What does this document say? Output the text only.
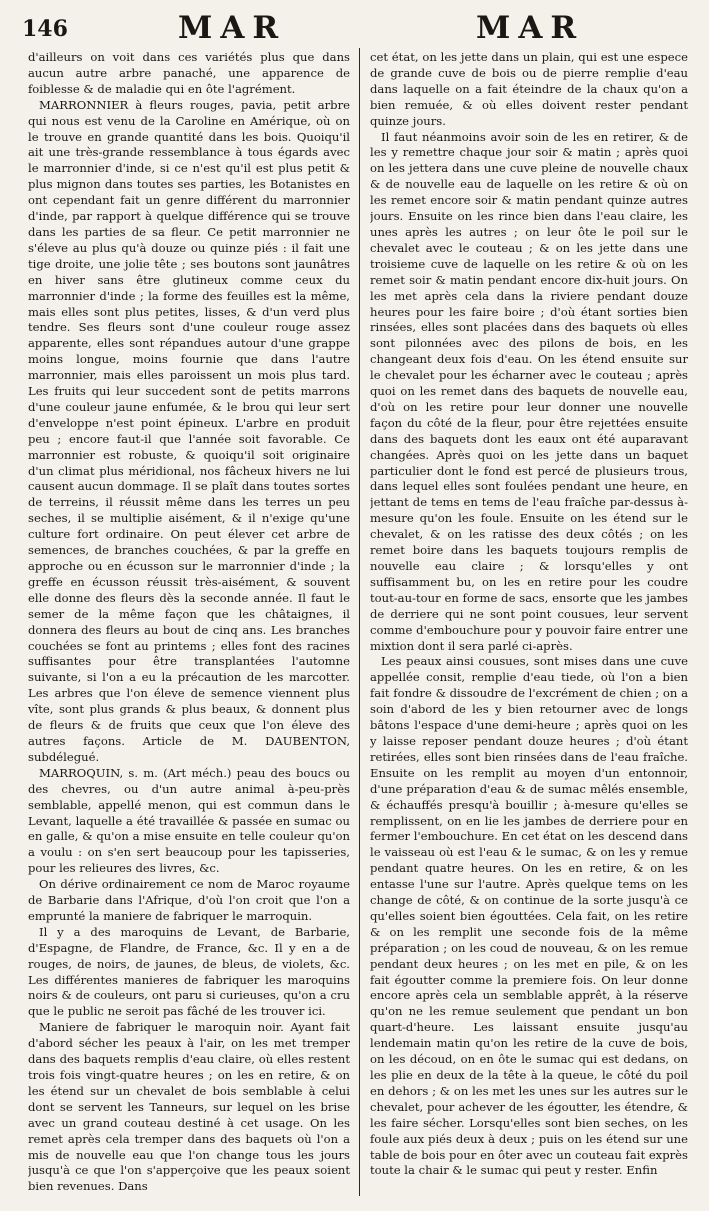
146	MAR	MAR

d'ailleurs on voit dans ces variétés plus que dans aucun autre arbre panaché, une apparence de foiblesse & de maladie qui en ôte l'agrément.

MARRONNIER à fleurs rouges, pavia, petit arbre qui nous est venu de la Caroline en Amérique, où on le trouve en grande quantité dans les bois. Quoiqu'il ait une très-grande ressemblance à tous égards avec le marronnier d'inde, si ce n'est qu'il est plus petit & plus mignon dans toutes ses parties, les Botanistes en ont cependant fait un genre différent du marronnier d'inde, par rapport à quelque différence qui se trouve dans les parties de sa fleur. Ce petit marronnier ne s'éleve au plus qu'à douze ou quinze piés : il fait une tige droite, une jolie tête ; ses boutons sont jaunâtres en hiver sans être glutineux comme ceux du marronnier d'inde ; la forme des feuilles est la même, mais elles sont plus petites, lisses, & d'un verd plus tendre. Ses fleurs sont d'une couleur rouge assez apparente, elles sont répandues autour d'une grappe moins longue, moins fournie que dans l'autre marronnier, mais elles paroissent un mois plus tard. Les fruits qui leur succedent sont de petits marrons d'une couleur jaune enfumée, & le brou qui leur sert d'enveloppe n'est point épineux. L'arbre en produit peu ; encore faut-il que l'année soit favorable. Ce marronnier est robuste, & quoiqu'il soit originaire d'un climat plus méridional, nos fâcheux hivers ne lui causent aucun dommage. Il se plaît dans toutes sortes de terreins, il réussit même dans les terres un peu seches, il se multiplie aisément, & il n'exige qu'une culture fort ordinaire. On peut élever cet arbre de semences, de branches couchées, & par la greffe en approche ou en écusson sur le marronnier d'inde ; la greffe en écusson réussit très-aisément, & souvent elle donne des fleurs dès la seconde année. Il faut le semer de la même façon que les châtaignes, il donnera des fleurs au bout de cinq ans. Les branches couchées se font au printems ; elles font des racines suffisantes pour être transplantées l'automne suivante, si l'on a eu la précaution de les marcotter. Les arbres que l'on éleve de semence viennent plus vîte, sont plus grands & plus beaux, & donnent plus de fleurs & de fruits que ceux que l'on éleve des autres façons. Article de M. DAUBENTON, subdélegué.

MARROQUIN, s. m. (Art méch.) peau des boucs ou des chevres, ou d'un autre animal à-peu-près semblable, appellé menon, qui est commun dans le Levant, laquelle a été travaillée & passée en sumac ou en galle, & qu'on a mise ensuite en telle couleur qu'on a voulu : on s'en sert beaucoup pour les tapisseries, pour les relieures des livres, &c.

On dérive ordinairement ce nom de Maroc royaume de Barbarie dans l'Afrique, d'où l'on croit que l'on a emprunté la maniere de fabriquer le marroquin.

Il y a des maroquins de Levant, de Barbarie, d'Espagne, de Flandre, de France, &c. Il y en a de rouges, de noirs, de jaunes, de bleus, de violets, &c. Les différentes manieres de fabriquer les maroquins noirs & de couleurs, ont paru si curieuses, qu'on a cru que le public ne seroit pas fâché de les trouver ici.

Maniere de fabriquer le maroquin noir. Ayant fait d'abord sécher les peaux à l'air, on les met tremper dans des baquets remplis d'eau claire, où elles restent trois fois vingt-quatre heures ; on les en retire, & on les étend sur un chevalet de bois semblable à celui dont se servent les Tanneurs, sur lequel on les brise avec un grand couteau destiné à cet usage. On les remet après cela tremper dans des baquets où l'on a mis de nouvelle eau que l'on change tous les jours jusqu'à ce que l'on s'apperçoive que les peaux soient bien revenues. Dans

cet état, on les jette dans un plain, qui est une espece de grande cuve de bois ou de pierre remplie d'eau dans laquelle on a fait éteindre de la chaux qu'on a bien remuée, & où elles doivent rester pendant quinze jours.

Il faut néanmoins avoir soin de les en retirer, & de les y remettre chaque jour soir & matin ; après quoi on les jettera dans une cuve pleine de nouvelle chaux & de nouvelle eau de laquelle on les retire & où on les remet encore soir & matin pendant quinze autres jours. Ensuite on les rince bien dans l'eau claire, les unes après les autres ; on leur ôte le poil sur le chevalet avec le couteau ; & on les jette dans une troisieme cuve de laquelle on les retire & où on les remet soir & matin pendant encore dix-huit jours. On les met après cela dans la riviere pendant douze heures pour les faire boire ; d'où étant sorties bien rinsées, elles sont placées dans des baquets où elles sont pilonnées avec des pilons de bois, en les changeant deux fois d'eau. On les étend ensuite sur le chevalet pour les écharner avec le couteau ; après quoi on les remet dans des baquets de nouvelle eau, d'où on les retire pour leur donner une nouvelle façon du côté de la fleur, pour être rejettées ensuite dans des baquets dont les eaux ont été auparavant changées. Après quoi on les jette dans un baquet particulier dont le fond est percé de plusieurs trous, dans lequel elles sont foulées pendant une heure, en jettant de tems en tems de l'eau fraîche par-dessus à-mesure qu'on les foule. Ensuite on les étend sur le chevalet, & on les ratisse des deux côtés ; on les remet boire dans les baquets toujours remplis de nouvelle eau claire ; & lorsqu'elles y ont suffisamment bu, on les en retire pour les coudre tout-au-tour en forme de sacs, ensorte que les jambes de derriere qui ne sont point cousues, leur servent comme d'embouchure pour y pouvoir faire entrer une mixtion dont il sera parlé ci-après.

Les peaux ainsi cousues, sont mises dans une cuve appellée consit, remplie d'eau tiede, où l'on a bien fait fondre & dissoudre de l'excrément de chien ; on a soin d'abord de les y bien retourner avec de longs bâtons l'espace d'une demi-heure ; après quoi on les y laisse reposer pendant douze heures ; d'où étant retirées, elles sont bien rinsées dans de l'eau fraîche. Ensuite on les remplit au moyen d'un entonnoir, d'une préparation d'eau & de sumac mêlés ensemble, & échauffés presqu'à bouillir ; à-mesure qu'elles se remplissent, on en lie les jambes de derriere pour en fermer l'embouchure. En cet état on les descend dans le vaisseau où est l'eau & le sumac, & on les y remue pendant quatre heures. On les en retire, & on les entasse l'une sur l'autre. Après quelque tems on les change de côté, & on continue de la sorte jusqu'à ce qu'elles soient bien égouttées. Cela fait, on les retire & on les remplit une seconde fois de la même préparation ; on les coud de nouveau, & on les remue pendant deux heures ; on les met en pile, & on les fait égoutter comme la premiere fois. On leur donne encore après cela un semblable apprêt, à la réserve qu'on ne les remue seulement que pendant un bon quart-d'heure. Les laissant ensuite jusqu'au lendemain matin qu'on les retire de la cuve de bois, on les découd, on en ôte le sumac qui est dedans, on les plie en deux de la tête à la queue, le côté du poil en dehors ; & on les met les unes sur les autres sur le chevalet, pour achever de les égoutter, les étendre, & les faire sécher. Lorsqu'elles sont bien seches, on les foule aux piés deux à deux ; puis on les étend sur une table de bois pour en ôter avec un couteau fait exprès toute la chair & le sumac qui peut y rester. Enfin
